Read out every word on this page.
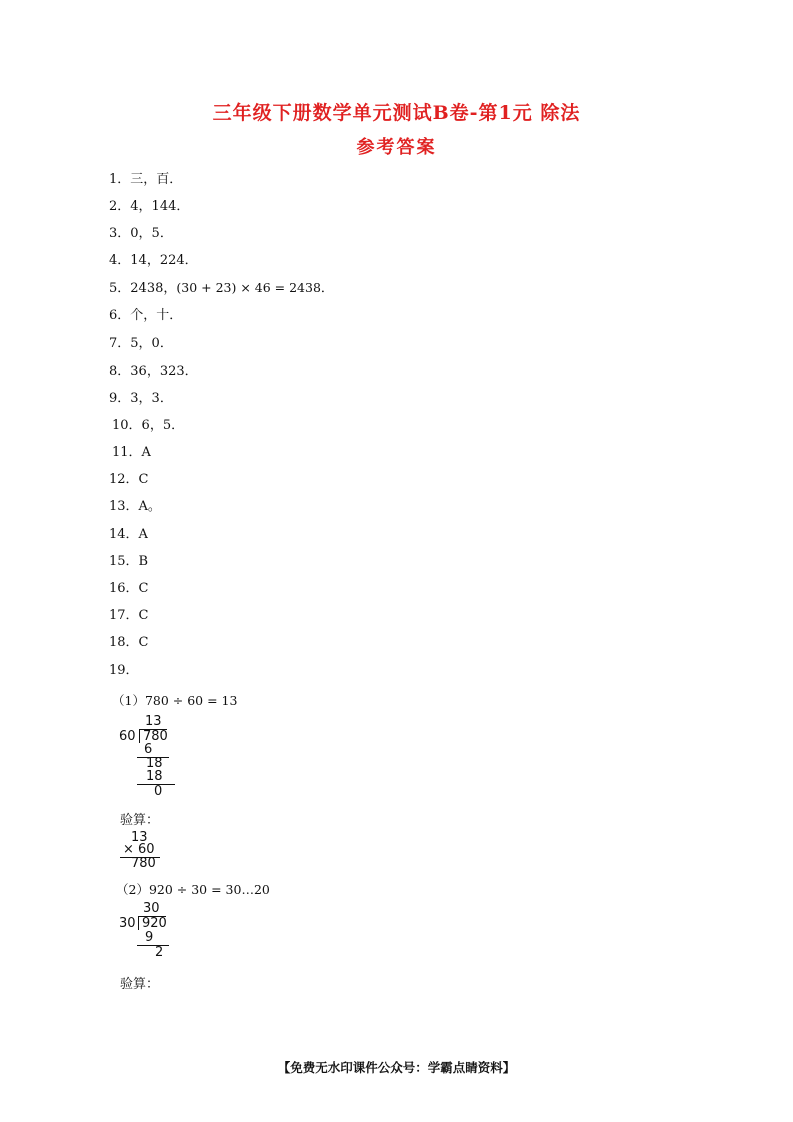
三年级下册数学单元测试B卷-第1元 除法
参考答案
1．三，百．
2．4，144．
3．0，5．
4．14，224．
5．2438，(30 + 23) × 46 = 2438．
6．个，十．
7．5，0．
8．36，323．
9．3，3．
10．6，5．
11．A
12．C
13．A。
14．A
15．B
16．C
17．C
18．C
19．
（1）780 ÷ 60 = 13
13
60 780
6
18
18
0
验算：
13
× 60
780
（2）920 ÷ 30 = 30…20
30
30 920
9
2
验算：
【免费无水印课件公众号：学霸点睛资料】
